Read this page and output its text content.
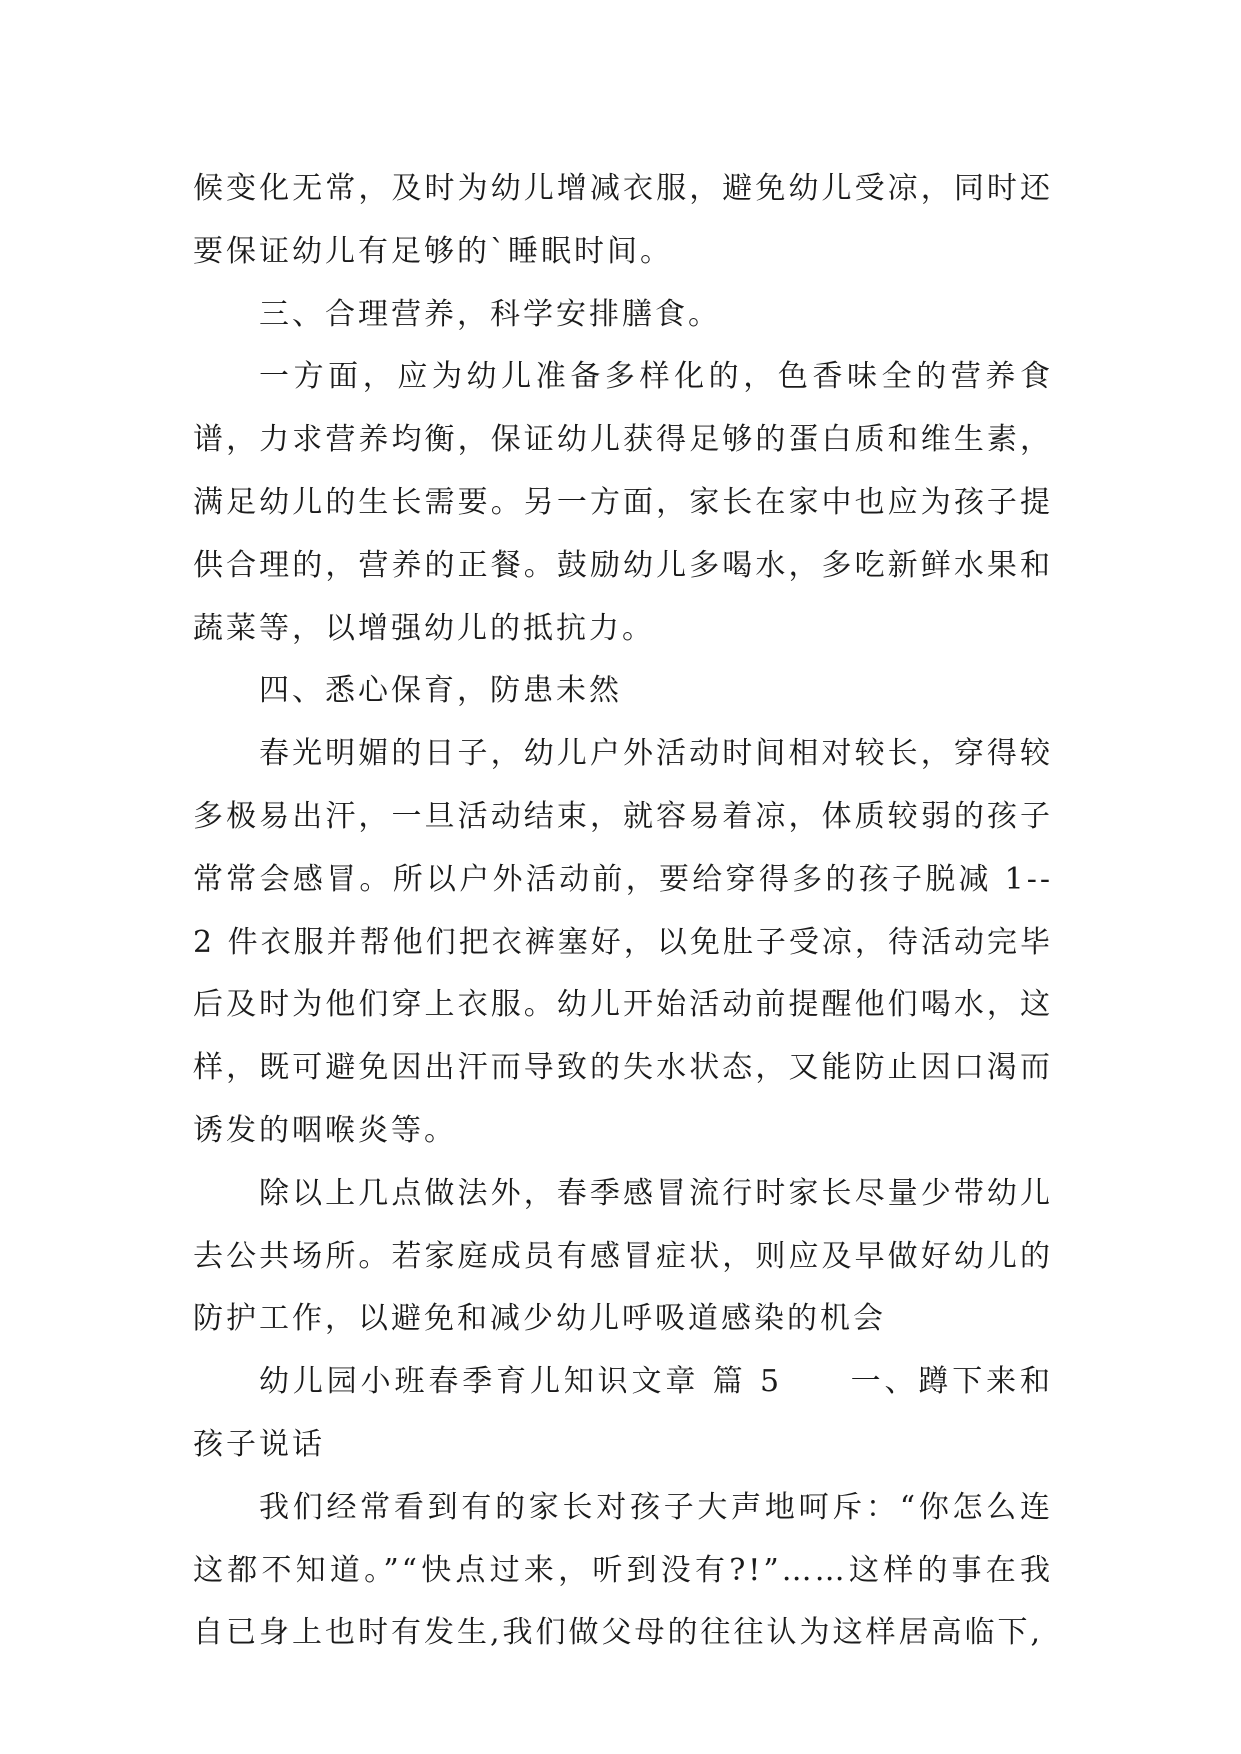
候变化无常，及时为幼儿增减衣服，避免幼儿受凉，同时还要保证幼儿有足够的`睡眠时间。

三、合理营养，科学安排膳食。

一方面，应为幼儿准备多样化的，色香味全的营养食谱，力求营养均衡，保证幼儿获得足够的蛋白质和维生素，满足幼儿的生长需要。另一方面，家长在家中也应为孩子提供合理的，营养的正餐。鼓励幼儿多喝水，多吃新鲜水果和蔬菜等，以增强幼儿的抵抗力。

四、悉心保育，防患未然

春光明媚的日子，幼儿户外活动时间相对较长，穿得较多极易出汗，一旦活动结束，就容易着凉，体质较弱的孩子常常会感冒。所以户外活动前，要给穿得多的孩子脱减 1--2 件衣服并帮他们把衣裤塞好，以免肚子受凉，待活动完毕后及时为他们穿上衣服。幼儿开始活动前提醒他们喝水，这样，既可避免因出汗而导致的失水状态，又能防止因口渴而诱发的咽喉炎等。

除以上几点做法外，春季感冒流行时家长尽量少带幼儿去公共场所。若家庭成员有感冒症状，则应及早做好幼儿的防护工作，以避免和减少幼儿呼吸道感染的机会

幼儿园小班春季育儿知识文章 篇 5　　一、蹲下来和孩子说话

我们经常看到有的家长对孩子大声地呵斥：“你怎么连这都不知道。”“快点过来，听到没有?!”……这样的事在我自已身上也时有发生,我们做父母的往往认为这样居高临下,
